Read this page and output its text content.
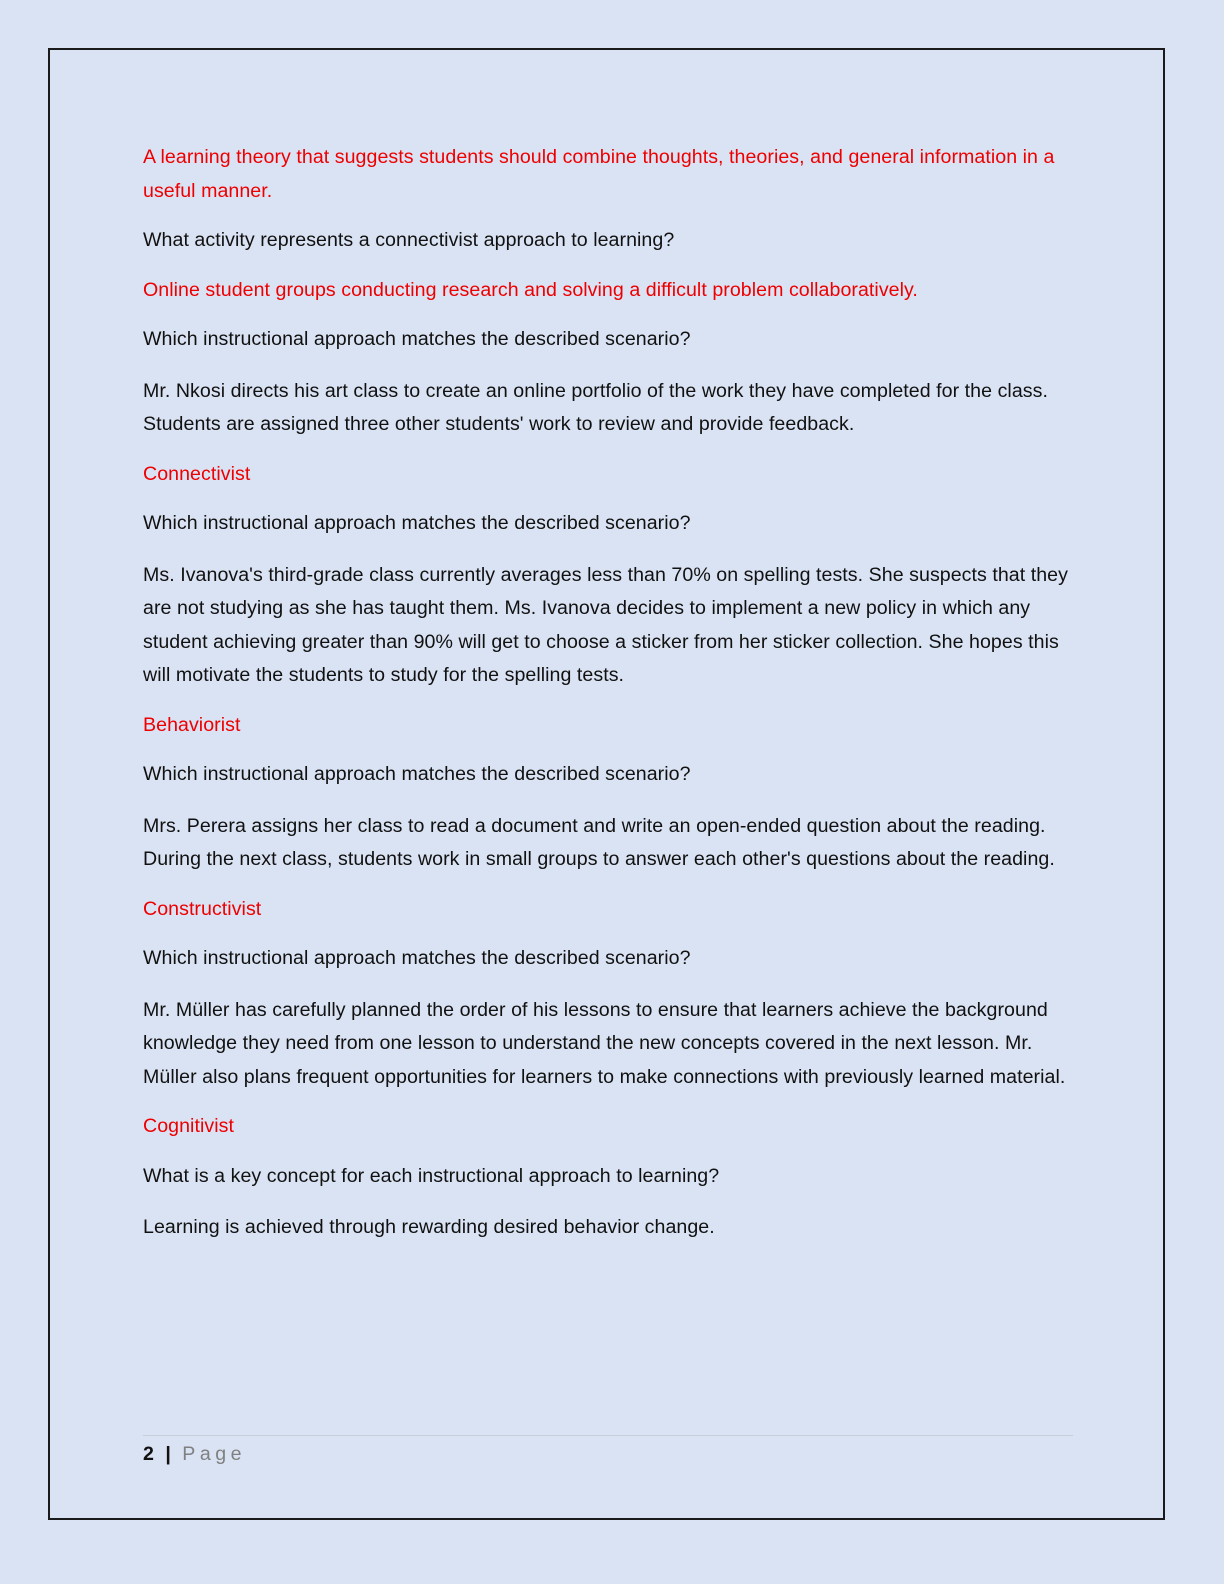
A learning theory that suggests students should combine thoughts, theories, and general information in a useful manner.

What activity represents a connectivist approach to learning?

Online student groups conducting research and solving a difficult problem collaboratively.

Which instructional approach matches the described scenario?

Mr. Nkosi directs his art class to create an online portfolio of the work they have completed for the class. Students are assigned three other students' work to review and provide feedback.

Connectivist

Which instructional approach matches the described scenario?

Ms. Ivanova's third-grade class currently averages less than 70% on spelling tests. She suspects that they are not studying as she has taught them. Ms. Ivanova decides to implement a new policy in which any student achieving greater than 90% will get to choose a sticker from her sticker collection. She hopes this will motivate the students to study for the spelling tests.

Behaviorist

Which instructional approach matches the described scenario?

Mrs. Perera assigns her class to read a document and write an open-ended question about the reading. During the next class, students work in small groups to answer each other's questions about the reading.

Constructivist

Which instructional approach matches the described scenario?

Mr. Müller has carefully planned the order of his lessons to ensure that learners achieve the background knowledge they need from one lesson to understand the new concepts covered in the next lesson. Mr. Müller also plans frequent opportunities for learners to make connections with previously learned material.

Cognitivist

What is a key concept for each instructional approach to learning?

Learning is achieved through rewarding desired behavior change.

2 | Page
